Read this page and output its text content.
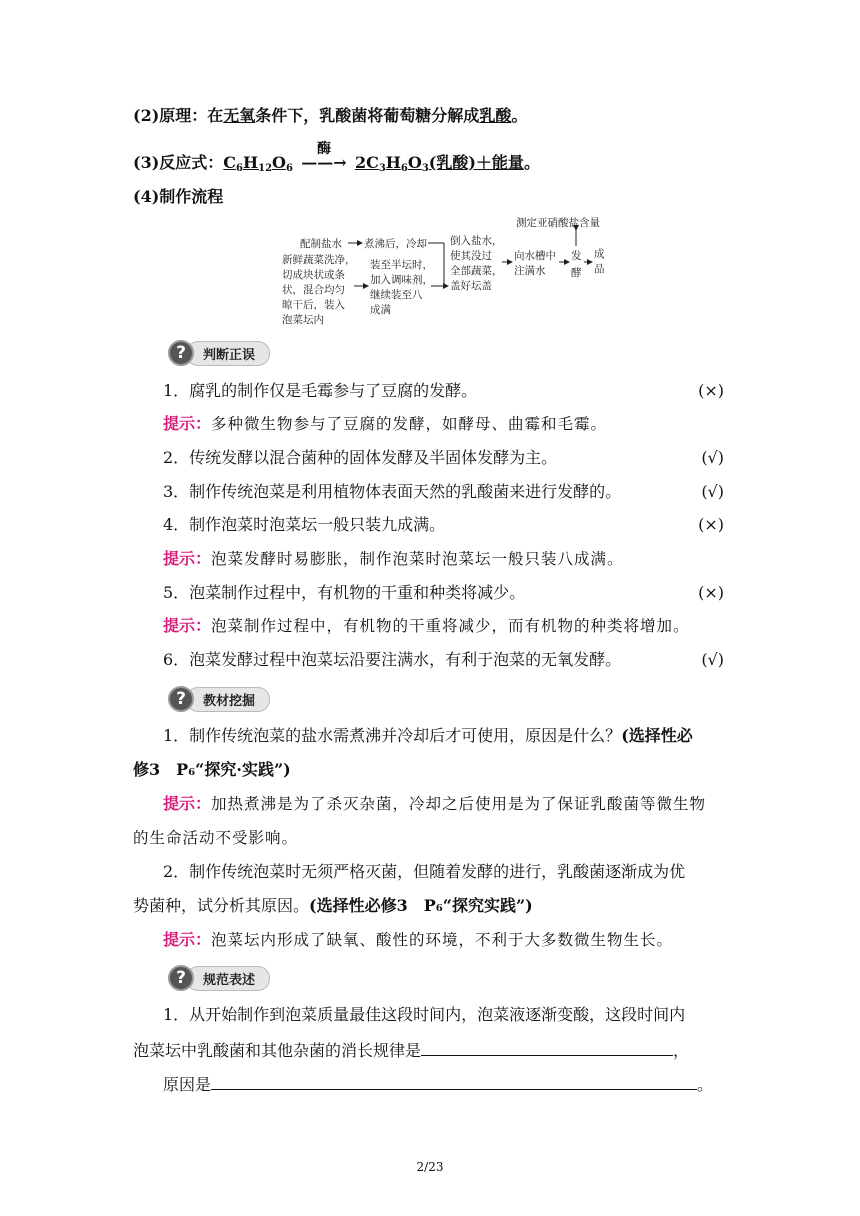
(2)原理：在无氧条件下，乳酸菌将葡萄糖分解成乳酸。
(3)反应式：$C_6H_{12}O_6$
酶
——→ $2C_3H_6O_3$(乳酸)＋能量。
(4)制作流程
配制盐水 煮沸后，冷却
新鲜蔬菜洗净，
切成块状或条
状，混合均匀
晾干后，装入
泡菜坛内
装至半坛时，
加入调味剂，
继续装至八
成满
倒入盐水，
使其没过
全部蔬菜，
盖好坛盖
向水槽中
注满水
发
酵
成
品
测定亚硝酸盐含量
?	判断正误
1．腐乳的制作仅是毛霉参与了豆腐的发酵。	(×)
提示：多种微生物参与了豆腐的发酵，如酵母、曲霉和毛霉。
2．传统发酵以混合菌种的固体发酵及半固体发酵为主。	(√)
3．制作传统泡菜是利用植物体表面天然的乳酸菌来进行发酵的。	(√)
4．制作泡菜时泡菜坛一般只装九成满。	(×)
提示：泡菜发酵时易膨胀，制作泡菜时泡菜坛一般只装八成满。
5．泡菜制作过程中，有机物的干重和种类将减少。	(×)
提示：泡菜制作过程中，有机物的干重将减少，而有机物的种类将增加。
6．泡菜发酵过程中泡菜坛沿要注满水，有利于泡菜的无氧发酵。	(√)
?	教材挖掘
1．制作传统泡菜的盐水需煮沸并冷却后才可使用，原因是什么？(选择性必
修3　P₆“探究·实践”)
提示：加热煮沸是为了杀灭杂菌，冷却之后使用是为了保证乳酸菌等微生物
的生命活动不受影响。
2．制作传统泡菜时无须严格灭菌，但随着发酵的进行，乳酸菌逐渐成为优
势菌种，试分析其原因。(选择性必修3　P₆“探究实践”)
提示：泡菜坛内形成了缺氧、酸性的环境，不利于大多数微生物生长。
?	规范表述
1．从开始制作到泡菜质量最佳这段时间内，泡菜液逐渐变酸，这段时间内
泡菜坛中乳酸菌和其他杂菌的消长规律是	，
原因是	。
2/23
